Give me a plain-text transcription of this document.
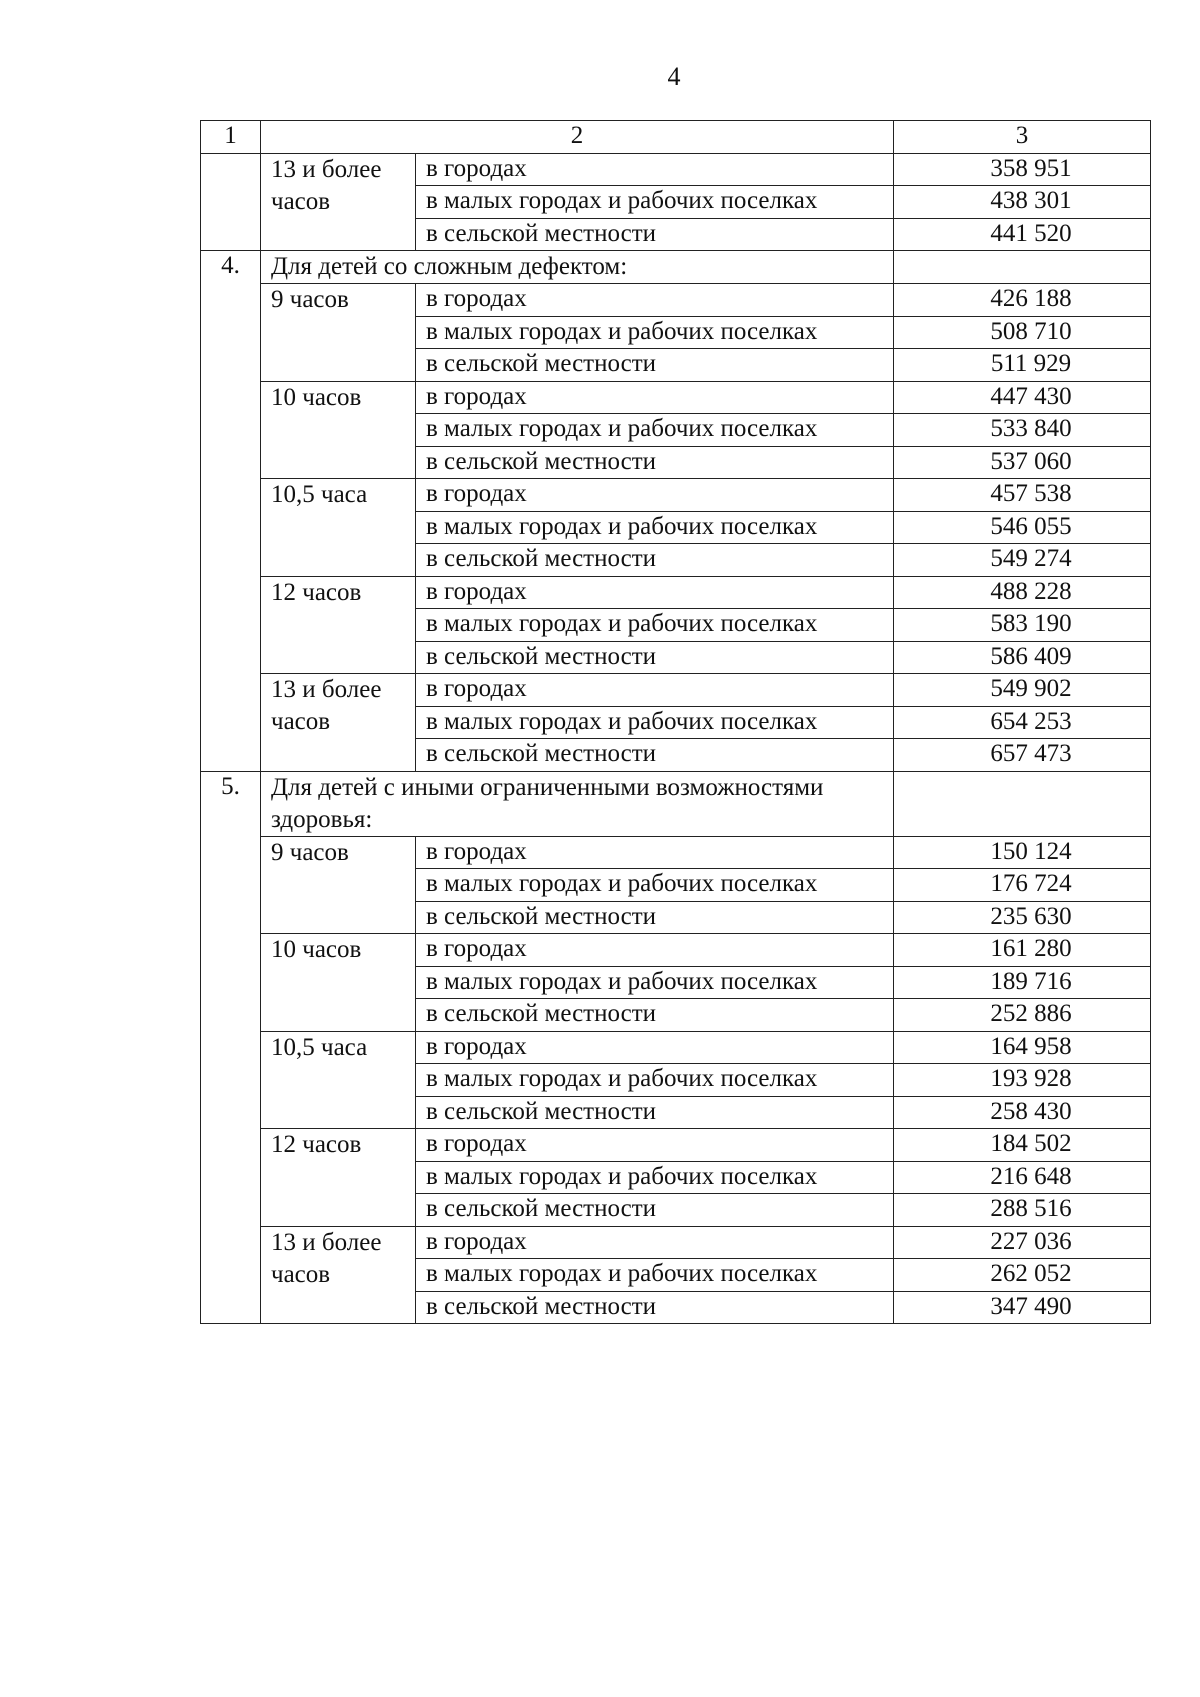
4
1	2		3
	13 и более часов	в городах	358 951
		в малых городах и рабочих поселках	438 301
		в сельской местности	441 520
4.	Для детей со сложным дефектом:		
	9 часов	в городах	426 188
		в малых городах и рабочих поселках	508 710
		в сельской местности	511 929
	10 часов	в городах	447 430
		в малых городах и рабочих поселках	533 840
		в сельской местности	537 060
	10,5 часа	в городах	457 538
		в малых городах и рабочих поселках	546 055
		в сельской местности	549 274
	12 часов	в городах	488 228
		в малых городах и рабочих поселках	583 190
		в сельской местности	586 409
	13 и более часов	в городах	549 902
		в малых городах и рабочих поселках	654 253
		в сельской местности	657 473
5.	Для детей с иными ограниченными возможностями здоровья:		
	9 часов	в городах	150 124
		в малых городах и рабочих поселках	176 724
		в сельской местности	235 630
	10 часов	в городах	161 280
		в малых городах и рабочих поселках	189 716
		в сельской местности	252 886
	10,5 часа	в городах	164 958
		в малых городах и рабочих поселках	193 928
		в сельской местности	258 430
	12 часов	в городах	184 502
		в малых городах и рабочих поселках	216 648
		в сельской местности	288 516
	13 и более часов	в городах	227 036
		в малых городах и рабочих поселках	262 052
		в сельской местности	347 490
